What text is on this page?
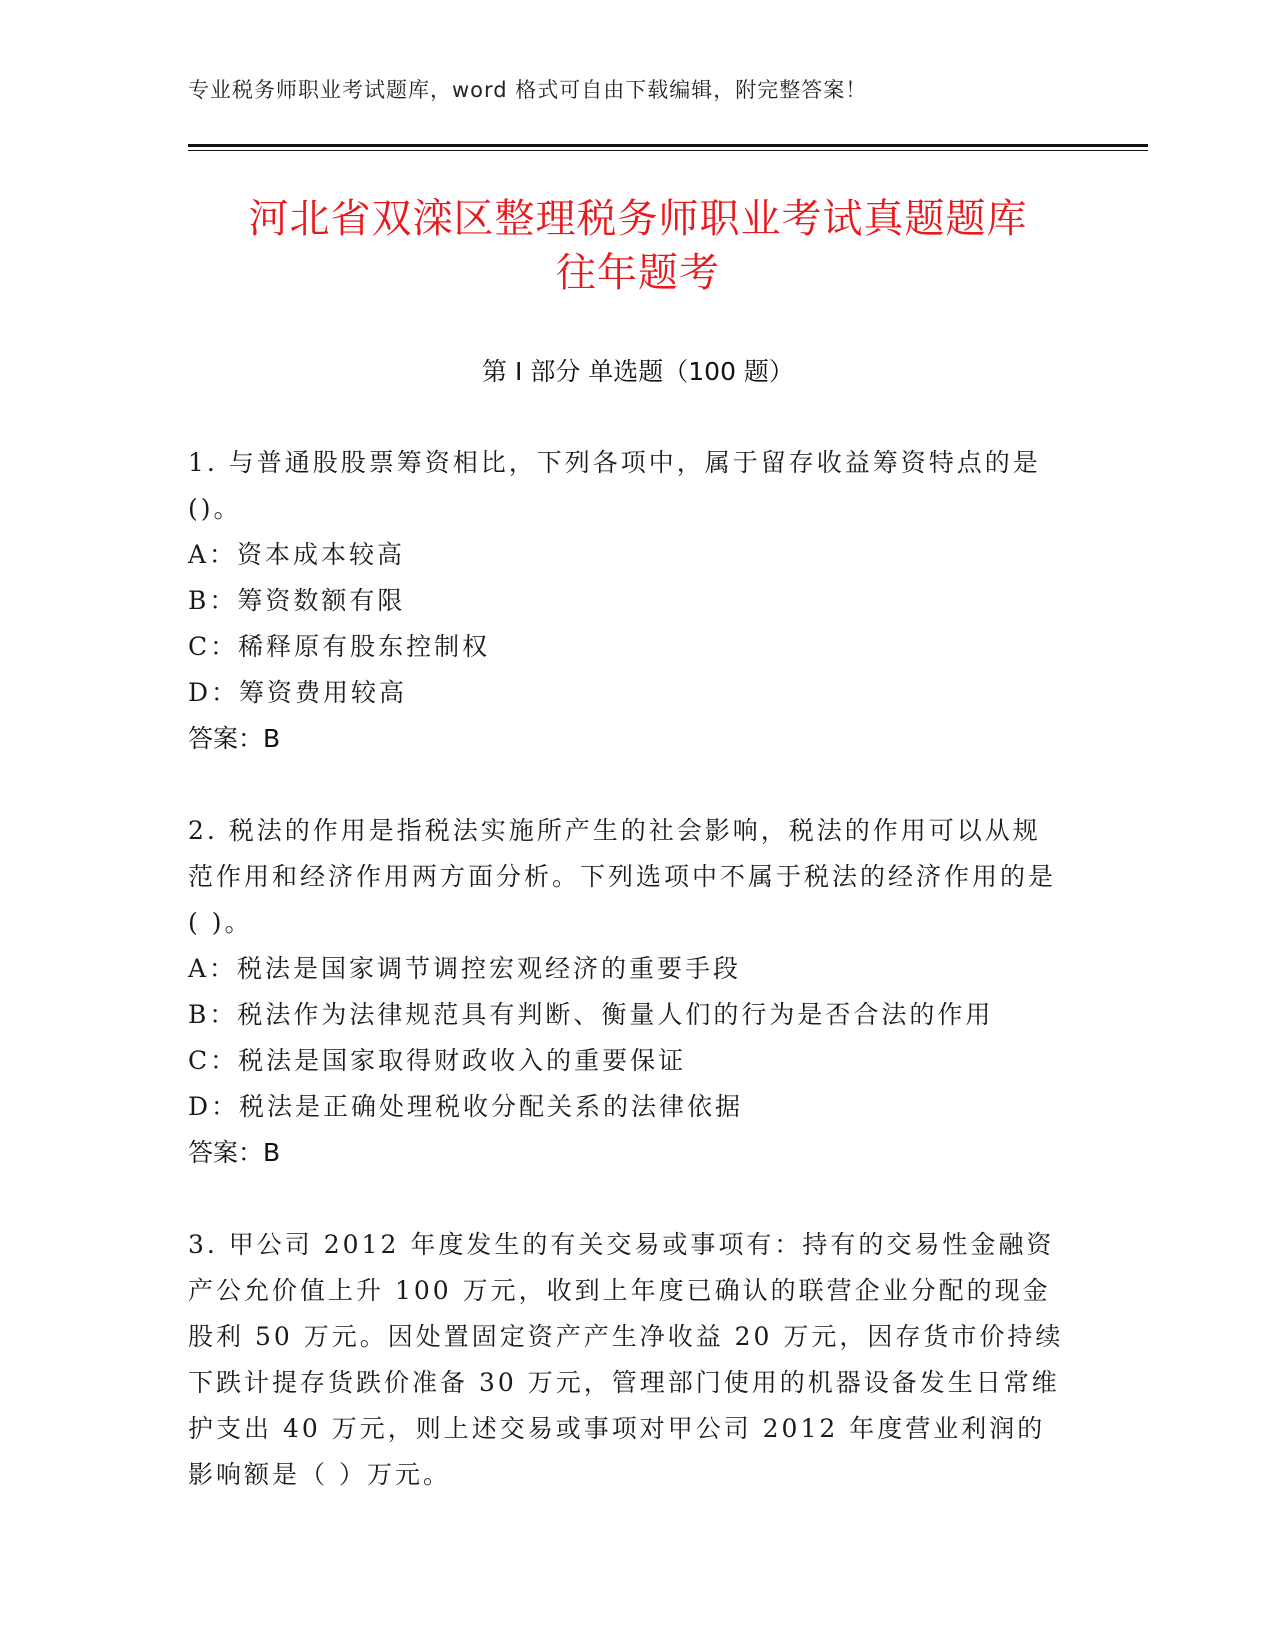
专业税务师职业考试题库，word 格式可自由下载编辑，附完整答案！
河北省双滦区整理税务师职业考试真题题库
往年题考
第 I 部分 单选题（100 题）

1. 与普通股股票筹资相比，下列各项中，属于留存收益筹资特点的是()。

A：资本成本较高

B：筹资数额有限

C：稀释原有股东控制权

D：筹资费用较高

答案：B

2. 税法的作用是指税法实施所产生的社会影响，税法的作用可以从规范作用和经济作用两方面分析。下列选项中不属于税法的经济作用的是( )。

A：税法是国家调节调控宏观经济的重要手段

B：税法作为法律规范具有判断、衡量人们的行为是否合法的作用

C：税法是国家取得财政收入的重要保证

D：税法是正确处理税收分配关系的法律依据

答案：B

3. 甲公司 2012 年度发生的有关交易或事项有：持有的交易性金融资产公允价值上升 100 万元，收到上年度已确认的联营企业分配的现金股利 50 万元。因处置固定资产产生净收益 20 万元，因存货市价持续下跌计提存货跌价准备 30 万元，管理部门使用的机器设备发生日常维护支出 40 万元，则上述交易或事项对甲公司 2012 年度营业利润的影响额是（ ）万元。
